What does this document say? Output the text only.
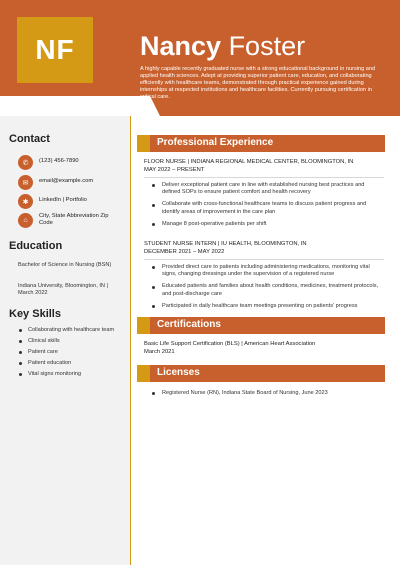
NF	Nancy Foster
A highly capable recently graduated nurse with a strong educational background in nursing and applied health sciences. Adept at providing superior patient care, education, and collaborating efficiently with healthcare teams, demonstrated through practical experience gained during internships at respected institutions and healthcare facilities. Currently pursuing certification in critical care.
Contact
✆	(123) 456-7890
✉	email@example.com
✱	LinkedIn | Portfolio
⌂
City, State Abbreviation Zip Code
Education
Bachelor of Science in Nursing (BSN)
Indiana University, Bloomington, IN | March 2022
Key Skills
Collaborating with healthcare team
Clinical skills
Patient care
Patient education
Vital signs monitoring
Professional Experience
FLOOR NURSE | INDIANA REGIONAL MEDICAL CENTER, BLOOMINGTON, IN
MAY 2022 – PRESENT
Deliver exceptional patient care in line with established nursing best practices and defined SOPs to ensure patient comfort and health recovery
Collaborate with cross-functional healthcare teams to discuss patient progress and identify areas of improvement in the care plan
Manage 8 post-operative patients per shift
STUDENT NURSE INTERN | IU HEALTH, BLOOMINGTON, IN
DECEMBER 2021 – MAY 2022
Provided direct care to patients including administering medications, monitoring vital signs, changing dressings under the supervision of a registered nurse
Educated patients and families about health conditions, medicines, treatment protocols, and post-discharge care
Participated in daily healthcare team meetings presenting on patients' progress
Certifications
Basic Life Support Certification (BLS) | American Heart Association
March 2021
Licenses
Registered Nurse (RN), Indiana State Board of Nursing, June 2023
